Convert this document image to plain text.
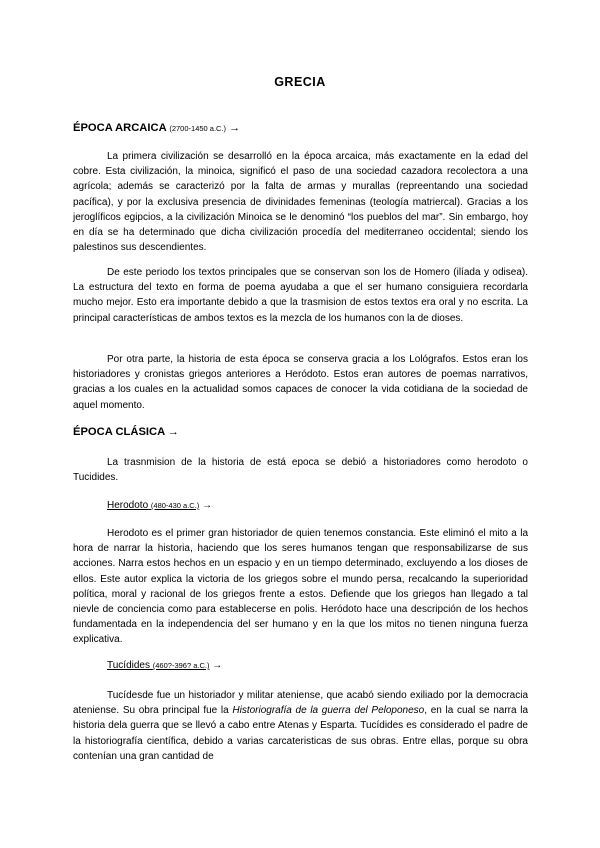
GRECIA
ÉPOCA ARCAICA (2700-1450 a.C.) →

La primera civilización se desarrolló en la época arcaica, más exactamente en la edad del cobre. Esta civilización, la minoica, significó el paso de una sociedad cazadora recolectora a una agrícola; además se caracterizó por la falta de armas y murallas (repreentando una sociedad pacífica), y por la exclusiva presencia de divinidades femeninas (teología matriercal). Gracias a los jeroglíficos egipcios, a la civilización Minoica se le denominó “los pueblos del mar”. Sin embargo, hoy en día se ha determinado que dicha civilización procedía del mediterraneo occidental; siendo los palestinos sus descendientes.

De este periodo los textos principales que se conservan son los de Homero (ilíada y odisea). La estructura del texto en forma de poema ayudaba a que el ser humano consiguiera recordarla mucho mejor. Esto era importante debido a que la trasmision de estos textos era oral y no escrita. La principal características de ambos textos es la mezcla de los humanos con la de dioses.

Por otra parte, la historia de esta época se conserva gracia a los Lológrafos. Estos eran los historiadores y cronistas griegos anteriores a Heródoto. Estos eran autores de poemas narrativos, gracias a los cuales en la actualidad somos capaces de conocer la vida cotidiana de la sociedad de aquel momento.

ÉPOCA CLÁSICA →

La trasnmision de la historia de está epoca se debió a historiadores como herodoto o Tucidides.

Herodoto (480-430 a.C.) →

Herodoto es el primer gran historiador de quien tenemos constancia. Este eliminó el mito a la hora de narrar la historia, haciendo que los seres humanos tengan que responsabilizarse de sus acciones. Narra estos hechos en un espacio y en un tiempo determinado, excluyendo a los dioses de ellos. Este autor explica la victoria de los griegos sobre el mundo persa, recalcando la superioridad política, moral y racional de los griegos frente a estos. Defiende que los griegos han llegado a tal nievle de conciencia como para establecerse en polis. Heródoto hace una descripción de los hechos fundamentada en la independencia del ser humano y en la que los mitos no tienen ninguna fuerza explicativa.

Tucídides (460?-396? a.C.) →

Tucídesde fue un historiador y militar ateniense, que acabó siendo exiliado por la democracia ateniense. Su obra principal fue la Historiografía de la guerra del Peloponeso, en la cual se narra la historia dela guerra que se llevó a cabo entre Atenas y Esparta. Tucídides es considerado el padre de la historiografía científica, debido a varias carcateristicas de sus obras. Entre ellas, porque su obra contenían una gran cantidad de
